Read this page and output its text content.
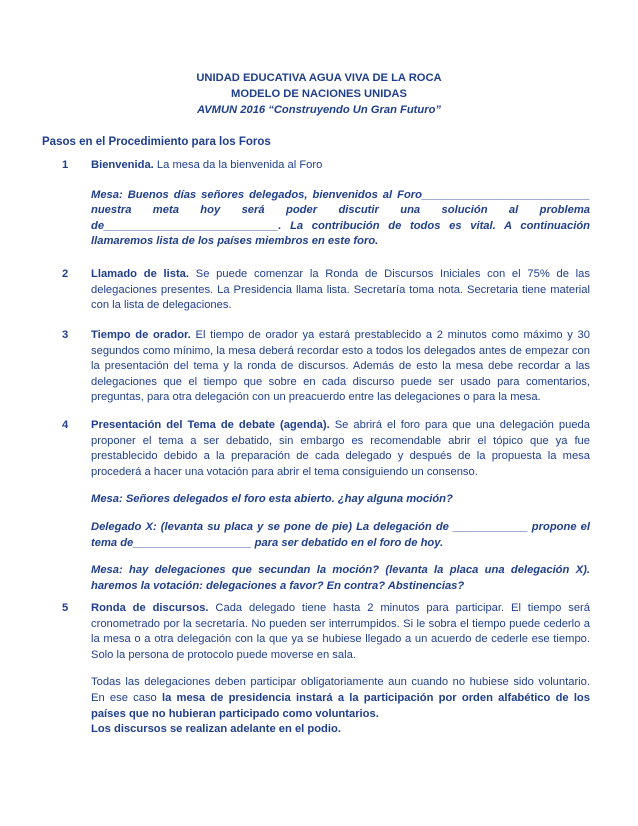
UNIDAD EDUCATIVA AGUA VIVA DE LA ROCA
MODELO DE NACIONES UNIDAS
AVMUN 2016 “Construyendo Un Gran Futuro”
Pasos en el Procedimiento para los Foros
1	Bienvenida. La mesa da la bienvenida al Foro
Mesa: Buenos días señores delegados, bienvenidos al Foro___________________________ nuestra meta hoy será poder discutir una solución al problema de____________________________. La contribución de todos es vital. A continuación llamaremos lista de los países miembros en este foro.
2	Llamado de lista. Se puede comenzar la Ronda de Discursos Iniciales con el 75% de las delegaciones presentes. La Presidencia llama lista. Secretaría toma nota. Secretaria tiene material con la lista de delegaciones.
3	Tiempo de orador. El tiempo de orador ya estará prestablecido a 2 minutos como máximo y 30 segundos como mínimo, la mesa deberá recordar esto a todos los delegados antes de empezar con la presentación del tema y la ronda de discursos. Además de esto la mesa debe recordar a las delegaciones que el tiempo que sobre en cada discurso puede ser usado para comentarios, preguntas, para otra delegación con un preacuerdo entre las delegaciones o para la mesa.
4	Presentación del Tema de debate (agenda). Se abrirá el foro para que una delegación pueda proponer el tema a ser debatido, sin embargo es recomendable abrir el tópico que ya fue prestablecido debido a la preparación de cada delegado y después de la propuesta la mesa procederá a hacer una votación para abrir el tema consiguiendo un consenso.
Mesa: Señores delegados el foro esta abierto. ¿hay alguna moción?
Delegado X: (levanta su placa y se pone de pie) La delegación de ____________ propone el tema de___________________ para ser debatido en el foro de hoy.
Mesa: hay delegaciones que secundan la moción? (levanta la placa una delegación X). haremos la votación: delegaciones a favor? En contra? Abstinencias?
5	Ronda de discursos. Cada delegado tiene hasta 2 minutos para participar. El tiempo será cronometrado por la secretaría. No pueden ser interrumpidos. Si le sobra el tiempo puede cederlo a la mesa o a otra delegación con la que ya se hubiese llegado a un acuerdo de cederle ese tiempo. Solo la persona de protocolo puede moverse en sala.
Todas las delegaciones deben participar obligatoriamente aun cuando no hubiese sido voluntario. En ese caso la mesa de presidencia instará a la participación por orden alfabético de los países que no hubieran participado como voluntarios.
Los discursos se realizan adelante en el podio.
